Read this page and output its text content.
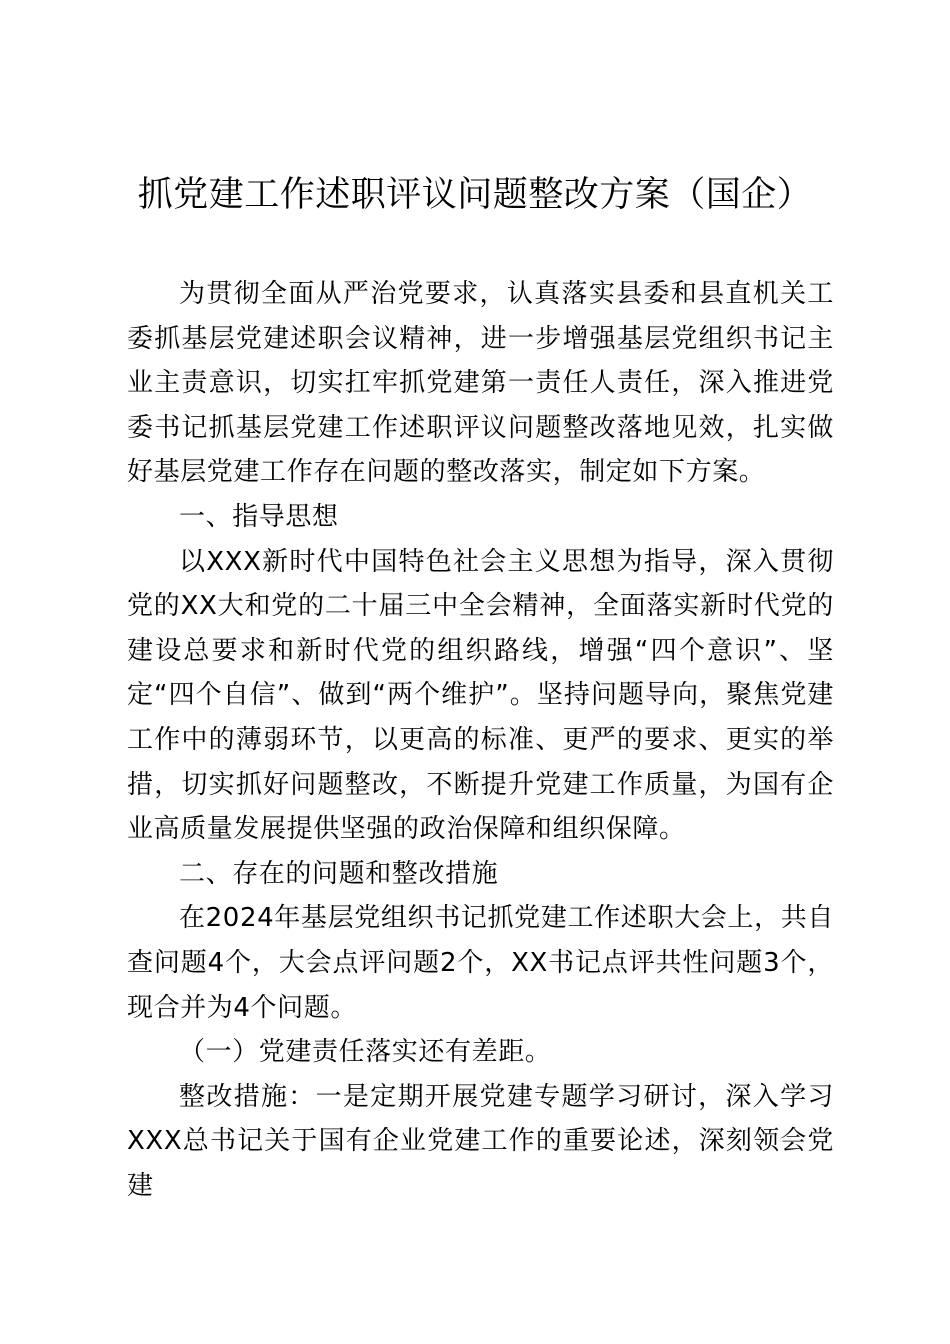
抓党建工作述职评议问题整改方案（国企）

为贯彻全面从严治党要求，认真落实县委和县直机关工委抓基层党建述职会议精神，进一步增强基层党组织书记主业主责意识，切实扛牢抓党建第一责任人责任，深入推进党委书记抓基层党建工作述职评议问题整改落地见效，扎实做好基层党建工作存在问题的整改落实，制定如下方案。

一、指导思想

以XXX新时代中国特色社会主义思想为指导，深入贯彻党的XX大和党的二十届三中全会精神，全面落实新时代党的建设总要求和新时代党的组织路线，增强“四个意识”、坚定“四个自信”、做到“两个维护”。坚持问题导向，聚焦党建工作中的薄弱环节，以更高的标准、更严的要求、更实的举措，切实抓好问题整改，不断提升党建工作质量，为国有企业高质量发展提供坚强的政治保障和组织保障。

二、存在的问题和整改措施

在2024年基层党组织书记抓党建工作述职大会上，共自查问题4个，大会点评问题2个，XX书记点评共性问题3个，现合并为4个问题。

（一）党建责任落实还有差距。

整改措施：一是定期开展党建专题学习研讨，深入学习XXX总书记关于国有企业党建工作的重要论述，深刻领会党建
